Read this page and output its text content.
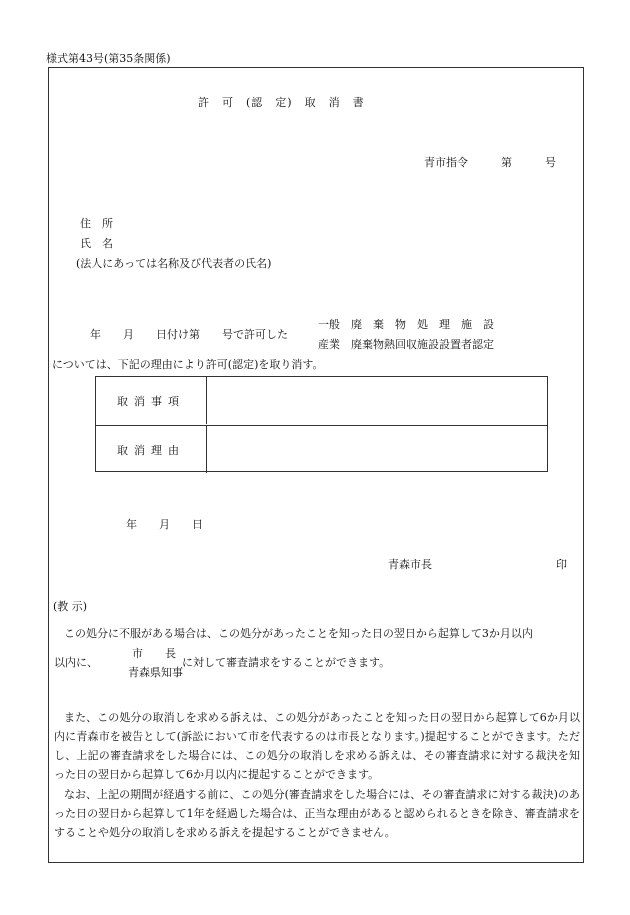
様式第43号(第35条関係)
許　可　(認　定)　取　消　書
青市指令　　　第　　　号
住　所
氏　名
(法人にあっては名称及び代表者の氏名)
年　　月　　日付け第　　号で許可した
一般　廃　棄　物　処　理　施　設
産業　廃棄物熱回収施設設置者認定
については、下記の理由により許可(認定)を取り消す。
取消事項
取消理由
年　　月　　日
青森市長	印
(教 示)
この処分に不服がある場合は、この処分があったことを知った日の翌日から起算して3か月以内
以内に、
市　　長
青森県知事
に対して審査請求をすることができます。
また、この処分の取消しを求める訴えは、この処分があったことを知った日の翌日から起算して6か月以内に青森市を被告として(訴訟において市を代表するのは市長となります。)提起することができます。ただし、上記の審査請求をした場合には、この処分の取消しを求める訴えは、その審査請求に対する裁決を知った日の翌日から起算して6か月以内に提起することができます。
なお、上記の期間が経過する前に、この処分(審査請求をした場合には、その審査請求に対する裁決)のあった日の翌日から起算して1年を経過した場合は、正当な理由があると認められるときを除き、審査請求をすることや処分の取消しを求める訴えを提起することができません。
